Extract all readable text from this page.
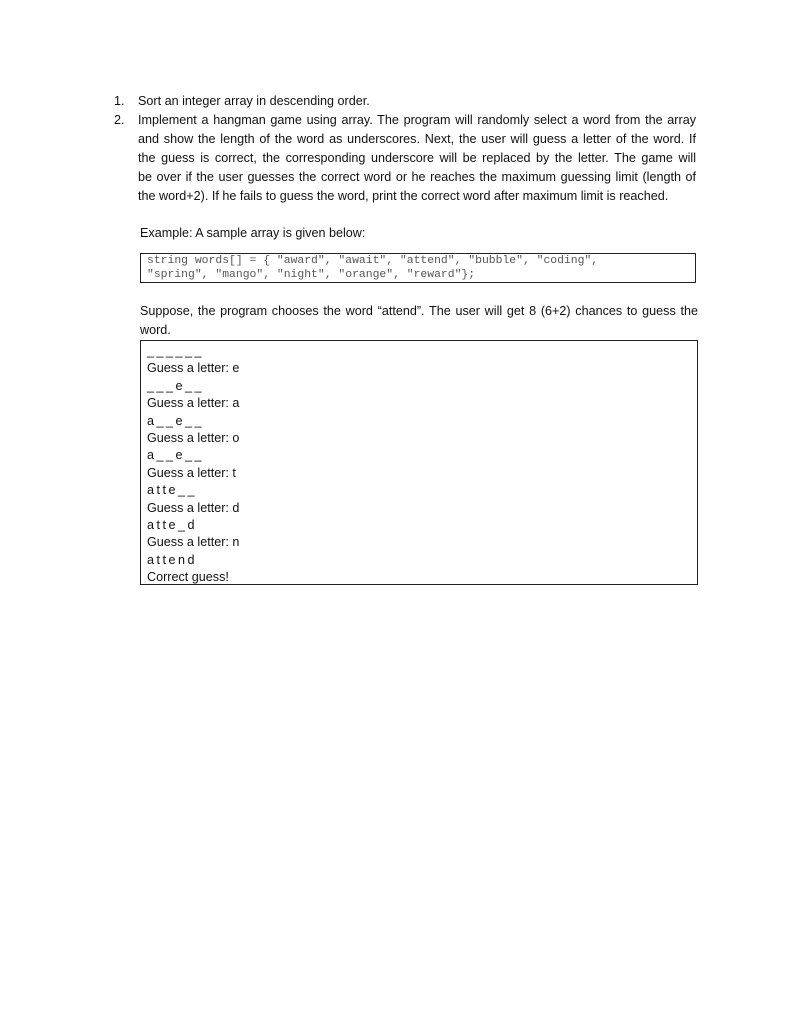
1. Sort an integer array in descending order.
2. Implement a hangman game using array. The program will randomly select a word from the array
and show the length of the word as underscores. Next, the user will guess a letter of the word. If
the guess is correct, the corresponding underscore will be replaced by the letter. The game will
be over if the user guesses the correct word or he reaches the maximum guessing limit (length of
the word+2). If he fails to guess the word, print the correct word after maximum limit is reached.
Example: A sample array is given below:
string words[] = { "award", "await", "attend", "bubble", "coding",
"spring", "mango", "night", "orange", "reward"};
Suppose, the program chooses the word “attend”. The user will get 8 (6+2) chances to guess the
word.
______
Guess a letter: e
___e__
Guess a letter: a
a__e__
Guess a letter: o
a__e__
Guess a letter: t
atte__
Guess a letter: d
atte_d
Guess a letter: n
attend
Correct guess!
